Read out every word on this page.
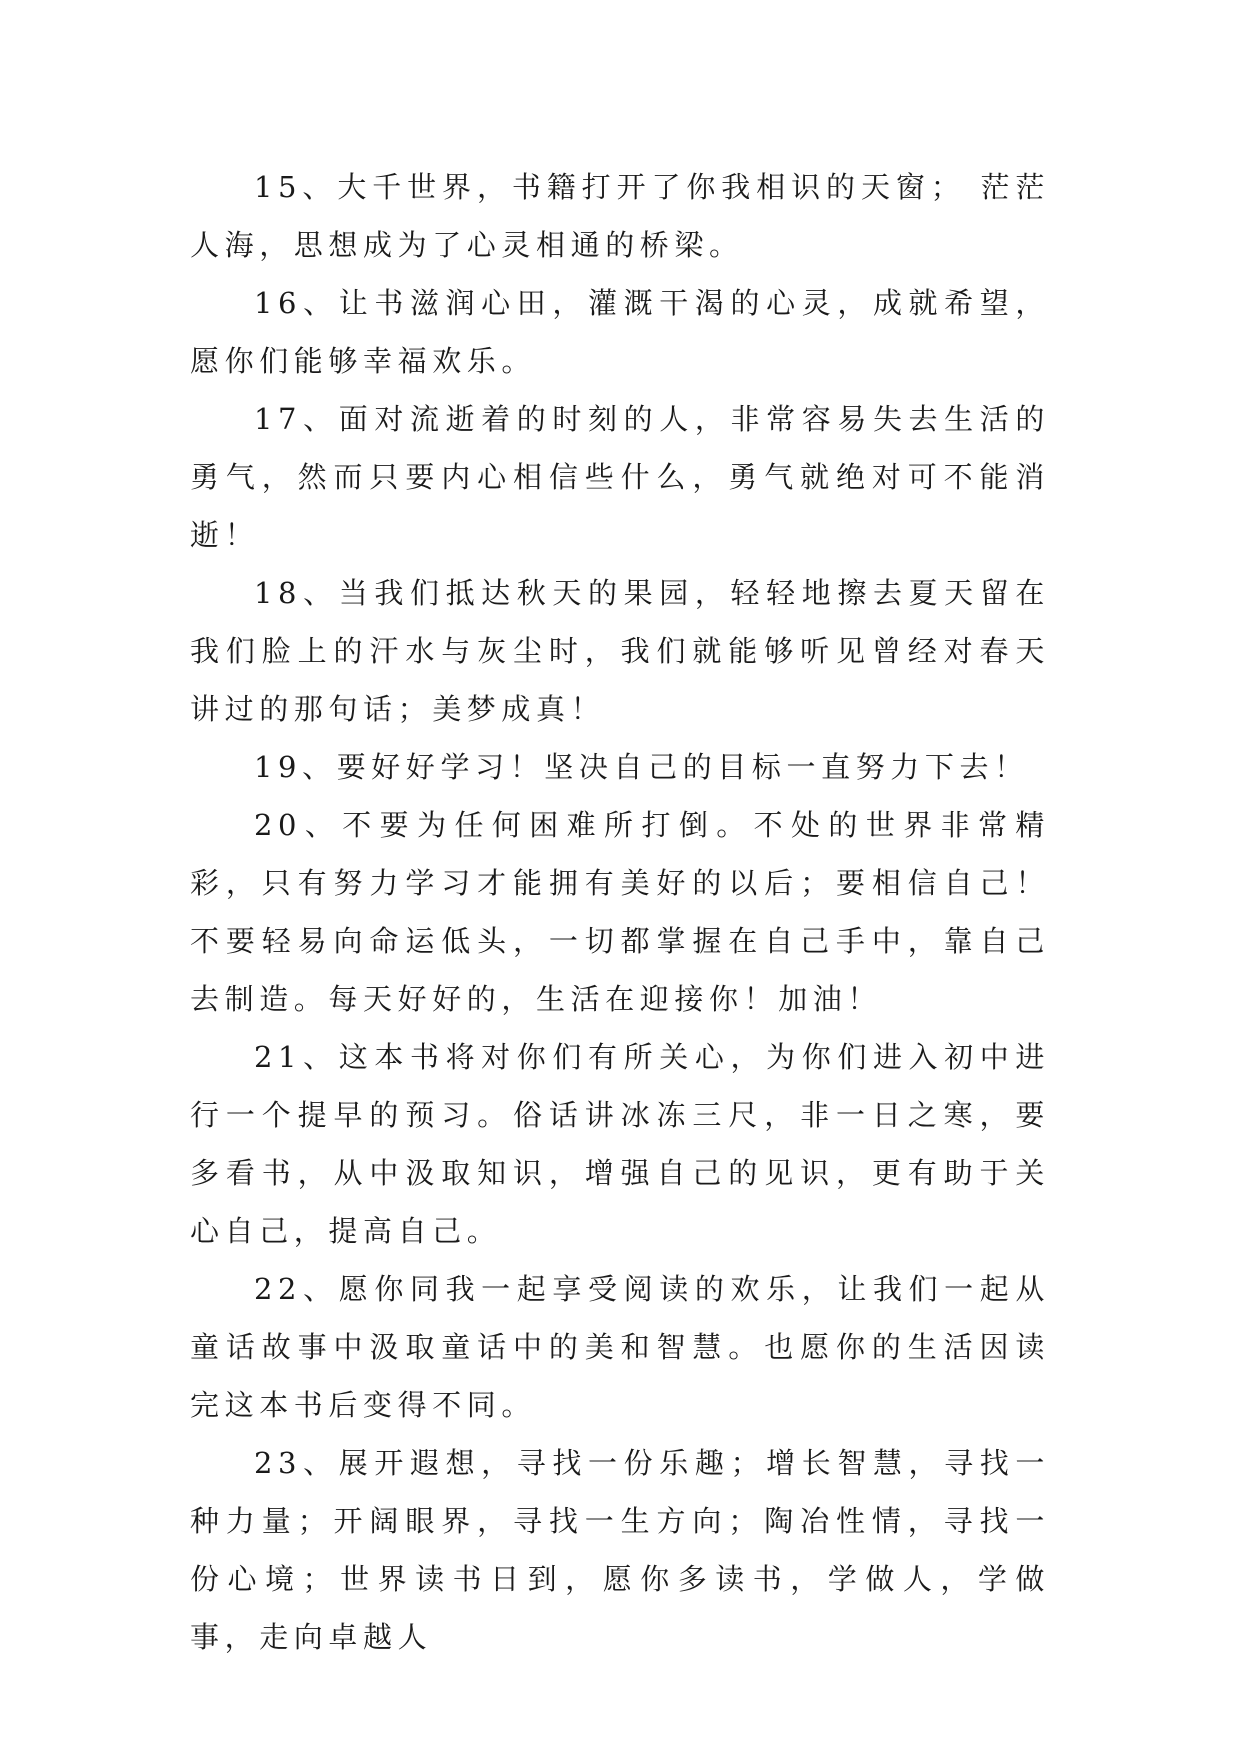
15、大千世界，书籍打开了你我相识的天窗； 茫茫人海，思想成为了心灵相通的桥梁。

16、让书滋润心田，灌溉干渴的心灵，成就希望，愿你们能够幸福欢乐。

17、面对流逝着的时刻的人，非常容易失去生活的勇气，然而只要内心相信些什么，勇气就绝对可不能消逝！

18、当我们抵达秋天的果园，轻轻地擦去夏天留在我们脸上的汗水与灰尘时，我们就能够听见曾经对春天讲过的那句话；美梦成真！

19、要好好学习！坚决自己的目标一直努力下去！

20、不要为任何困难所打倒。不处的世界非常精彩，只有努力学习才能拥有美好的以后；要相信自己！不要轻易向命运低头，一切都掌握在自己手中，靠自己去制造。每天好好的，生活在迎接你！加油！

21、这本书将对你们有所关心，为你们进入初中进行一个提早的预习。俗话讲冰冻三尺，非一日之寒，要多看书，从中汲取知识，增强自己的见识，更有助于关心自己，提高自己。

22、愿你同我一起享受阅读的欢乐，让我们一起从童话故事中汲取童话中的美和智慧。也愿你的生活因读完这本书后变得不同。

23、展开遐想，寻找一份乐趣；增长智慧，寻找一种力量；开阔眼界，寻找一生方向；陶冶性情，寻找一份心境；世界读书日到，愿你多读书，学做人，学做事，走向卓越人
